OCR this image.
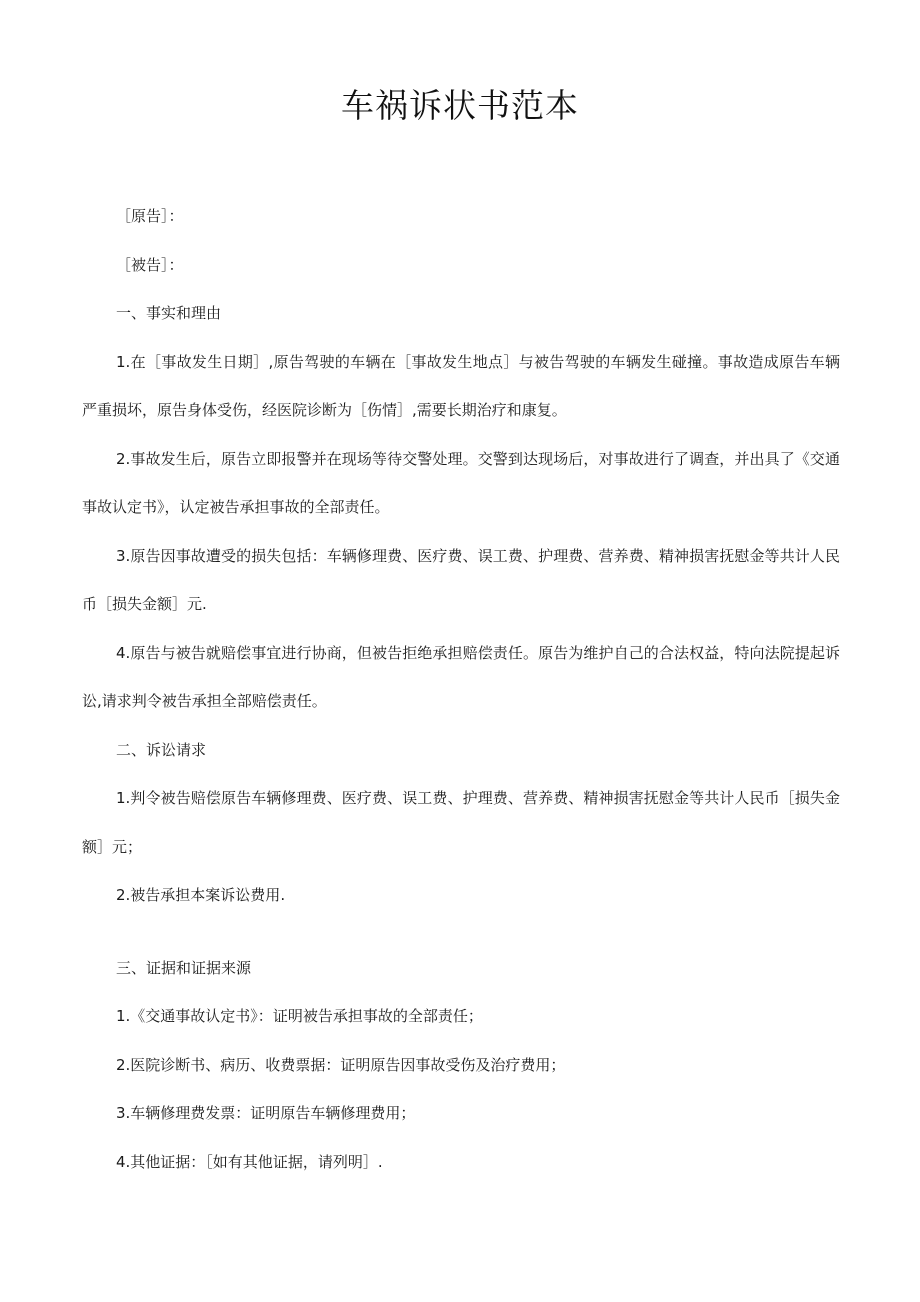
车祸诉状书范本

［原告］：

［被告］：

一、事实和理由

1.在［事故发生日期］,原告驾驶的车辆在［事故发生地点］与被告驾驶的车辆发生碰撞。事故造成原告车辆严重损坏，原告身体受伤，经医院诊断为［伤情］,需要长期治疗和康复。

2.事故发生后，原告立即报警并在现场等待交警处理。交警到达现场后，对事故进行了调查，并出具了《交通事故认定书》，认定被告承担事故的全部责任。

3.原告因事故遭受的损失包括：车辆修理费、医疗费、误工费、护理费、营养费、精神损害抚慰金等共计人民币［损失金额］元.

4.原告与被告就赔偿事宜进行协商，但被告拒绝承担赔偿责任。原告为维护自己的合法权益，特向法院提起诉讼,请求判令被告承担全部赔偿责任。

二、诉讼请求

1.判令被告赔偿原告车辆修理费、医疗费、误工费、护理费、营养费、精神损害抚慰金等共计人民币［损失金额］元；

2.被告承担本案诉讼费用.

三、证据和证据来源

1.《交通事故认定书》：证明被告承担事故的全部责任；

2.医院诊断书、病历、收费票据：证明原告因事故受伤及治疗费用；

3.车辆修理费发票：证明原告车辆修理费用；

4.其他证据：［如有其他证据，请列明］.
